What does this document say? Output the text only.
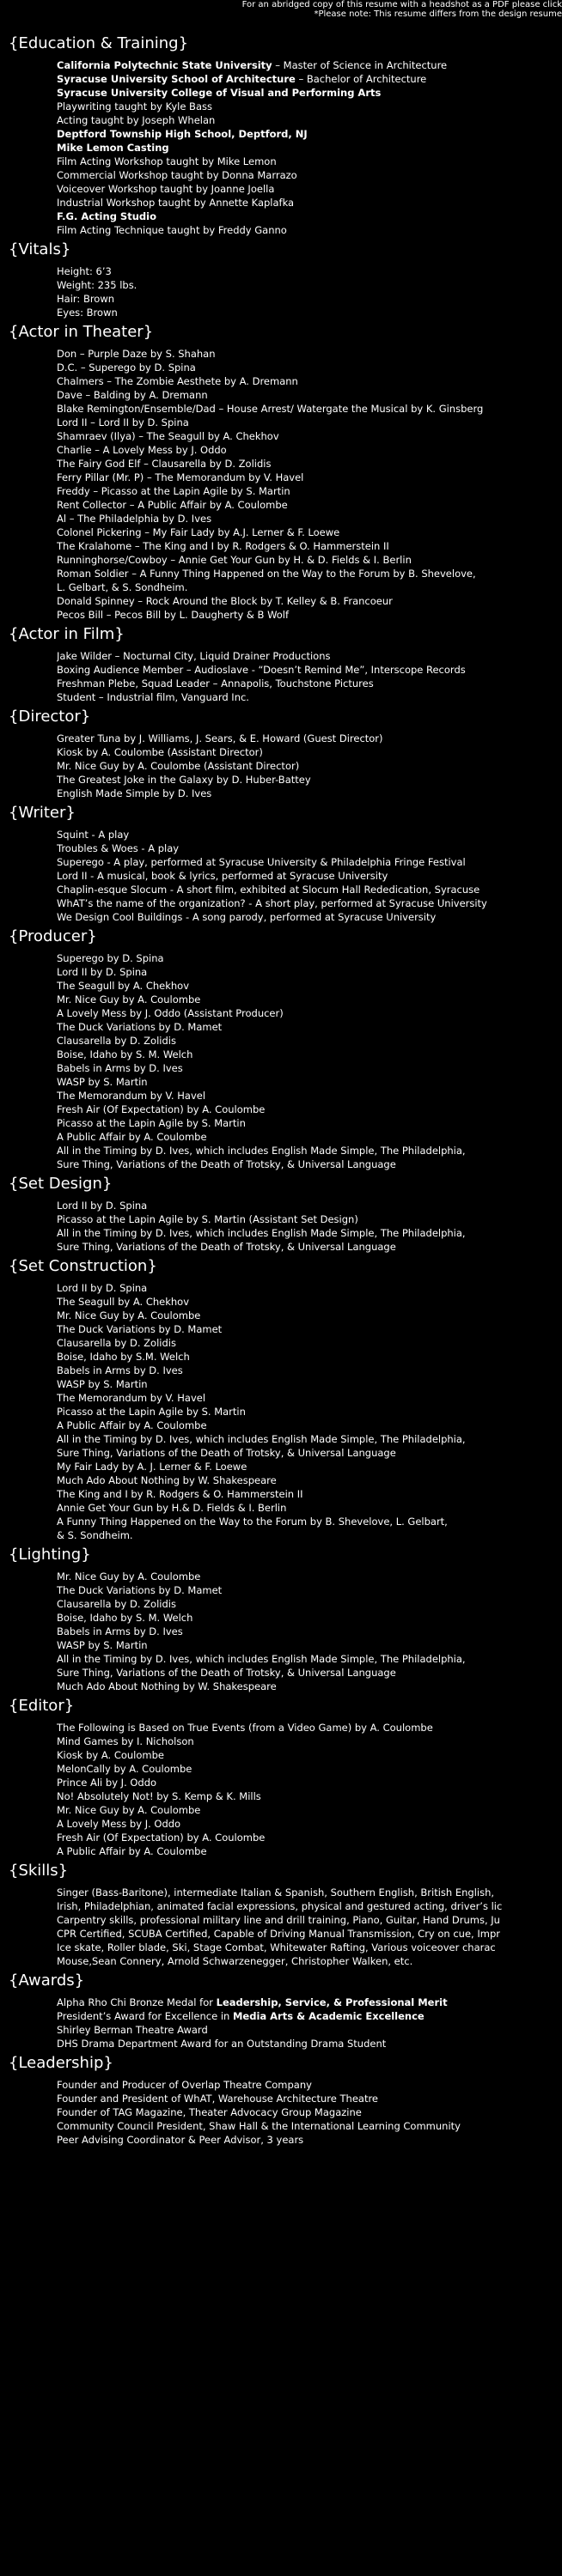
For an abridged copy of this resume with a headshot as a PDF please click
*Please note: This resume differs from the design resume
{Education & Training}
California Polytechnic State University – Master of Science in Architecture
Syracuse University School of Architecture – Bachelor of Architecture
Syracuse University College of Visual and Performing Arts
Playwriting taught by Kyle Bass
Acting taught by Joseph Whelan
Deptford Township High School, Deptford, NJ
Mike Lemon Casting
Film Acting Workshop taught by Mike Lemon
Commercial Workshop taught by Donna Marrazo
Voiceover Workshop taught by Joanne Joella
Industrial Workshop taught by Annette Kaplafka
F.G. Acting Studio
Film Acting Technique taught by Freddy Ganno
{Vitals}
Height: 6’3
Weight: 235 lbs.
Hair: Brown
Eyes: Brown
{Actor in Theater}
Don – Purple Daze by S. Shahan
D.C. – Superego by D. Spina
Chalmers – The Zombie Aesthete by A. Dremann
Dave – Balding by A. Dremann
Blake Remington/Ensemble/Dad – House Arrest/ Watergate the Musical by K. Ginsberg
Lord II – Lord II by D. Spina
Shamraev (Ilya) – The Seagull by A. Chekhov
Charlie – A Lovely Mess by J. Oddo
The Fairy God Elf – Clausarella by D. Zolidis
Ferry Pillar (Mr. P) – The Memorandum by V. Havel
Freddy – Picasso at the Lapin Agile by S. Martin
Rent Collector – A Public Affair by A. Coulombe
Al – The Philadelphia by D. Ives
Colonel Pickering – My Fair Lady by A.J. Lerner & F. Loewe
The Kralahome – The King and I by R. Rodgers & O. Hammerstein II
Runninghorse/Cowboy – Annie Get Your Gun by H. & D. Fields & I. Berlin
Roman Soldier – A Funny Thing Happened on the Way to the Forum by B. Shevelove,
L. Gelbart, & S. Sondheim.
Donald Spinney – Rock Around the Block by T. Kelley & B. Francoeur
Pecos Bill – Pecos Bill by L. Daugherty & B Wolf
{Actor in Film}
Jake Wilder – Nocturnal City, Liquid Drainer Productions
Boxing Audience Member – Audioslave - “Doesn’t Remind Me”, Interscope Records
Freshman Plebe, Squad Leader – Annapolis, Touchstone Pictures
Student – Industrial film, Vanguard Inc.
{Director}
Greater Tuna by J. Williams, J. Sears, & E. Howard (Guest Director)
Kiosk by A. Coulombe (Assistant Director)
Mr. Nice Guy by A. Coulombe (Assistant Director)
The Greatest Joke in the Galaxy by D. Huber-Battey
English Made Simple by D. Ives
{Writer}
Squint - A play
Troubles & Woes - A play
Superego - A play, performed at Syracuse University & Philadelphia Fringe Festival
Lord II - A musical, book & lyrics, performed at Syracuse University
Chaplin-esque Slocum - A short film, exhibited at Slocum Hall Rededication, Syracuse
WhAT’s the name of the organization? - A short play, performed at Syracuse University
We Design Cool Buildings - A song parody, performed at Syracuse University
{Producer}
Superego by D. Spina
Lord II by D. Spina
The Seagull by A. Chekhov
Mr. Nice Guy by A. Coulombe
A Lovely Mess by J. Oddo (Assistant Producer)
The Duck Variations by D. Mamet
Clausarella by D. Zolidis
Boise, Idaho by S. M. Welch
Babels in Arms by D. Ives
WASP by S. Martin
The Memorandum by V. Havel
Fresh Air (Of Expectation) by A. Coulombe
Picasso at the Lapin Agile by S. Martin
A Public Affair by A. Coulombe
All in the Timing by D. Ives, which includes English Made Simple, The Philadelphia,
Sure Thing, Variations of the Death of Trotsky, & Universal Language
{Set Design}
Lord II by D. Spina
Picasso at the Lapin Agile by S. Martin (Assistant Set Design)
All in the Timing by D. Ives, which includes English Made Simple, The Philadelphia,
Sure Thing, Variations of the Death of Trotsky, & Universal Language
{Set Construction}
Lord II by D. Spina
The Seagull by A. Chekhov
Mr. Nice Guy by A. Coulombe
The Duck Variations by D. Mamet
Clausarella by D. Zolidis
Boise, Idaho by S.M. Welch
Babels in Arms by D. Ives
WASP by S. Martin
The Memorandum by V. Havel
Picasso at the Lapin Agile by S. Martin
A Public Affair by A. Coulombe
All in the Timing by D. Ives, which includes English Made Simple, The Philadelphia,
Sure Thing, Variations of the Death of Trotsky, & Universal Language
My Fair Lady by A. J. Lerner & F. Loewe
Much Ado About Nothing by W. Shakespeare
The King and I by R. Rodgers & O. Hammerstein II
Annie Get Your Gun by H.& D. Fields & I. Berlin
A Funny Thing Happened on the Way to the Forum by B. Shevelove, L. Gelbart,
& S. Sondheim.
{Lighting}
Mr. Nice Guy by A. Coulombe
The Duck Variations by D. Mamet
Clausarella by D. Zolidis
Boise, Idaho by S. M. Welch
Babels in Arms by D. Ives
WASP by S. Martin
All in the Timing by D. Ives, which includes English Made Simple, The Philadelphia,
Sure Thing, Variations of the Death of Trotsky, & Universal Language
Much Ado About Nothing by W. Shakespeare
{Editor}
The Following is Based on True Events (from a Video Game) by A. Coulombe
Mind Games by I. Nicholson
Kiosk by A. Coulombe
MelonCally by A. Coulombe
Prince Ali by J. Oddo
No! Absolutely Not! by S. Kemp & K. Mills
Mr. Nice Guy by A. Coulombe
A Lovely Mess by J. Oddo
Fresh Air (Of Expectation) by A. Coulombe
A Public Affair by A. Coulombe
{Skills}
Singer (Bass-Baritone), intermediate Italian & Spanish, Southern English, British English,
Irish, Philadelphian, animated facial expressions, physical and gestured acting, driver’s lic
Carpentry skills, professional military line and drill training, Piano, Guitar, Hand Drums, Ju
CPR Certified, SCUBA Certified, Capable of Driving Manual Transmission, Cry on cue, Impr
Ice skate, Roller blade, Ski, Stage Combat, Whitewater Rafting, Various voiceover charac
Mouse,Sean Connery, Arnold Schwarzenegger, Christopher Walken, etc.
{Awards}
Alpha Rho Chi Bronze Medal for Leadership, Service, & Professional Merit
President’s Award for Excellence in Media Arts & Academic Excellence
Shirley Berman Theatre Award
DHS Drama Department Award for an Outstanding Drama Student
{Leadership}
Founder and Producer of Overlap Theatre Company
Founder and President of WhAT, Warehouse Architecture Theatre
Founder of TAG Magazine, Theater Advocacy Group Magazine
Community Council President, Shaw Hall & the International Learning Community
Peer Advising Coordinator & Peer Advisor, 3 years
